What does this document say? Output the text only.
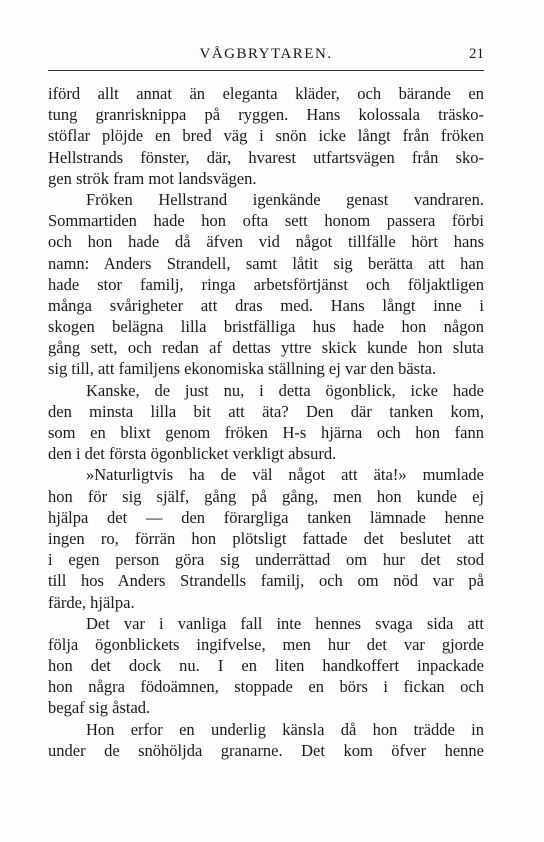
VÅGBRYTAREN.	21
iförd allt annat än eleganta kläder, och bärande en
tung granrisknippa på ryggen. Hans kolossala träsko-
stöflar plöjde en bred väg i snön icke långt från fröken
Hellstrands fönster, där, hvarest utfartsvägen från sko-
gen strök fram mot landsvägen.
Fröken Hellstrand igenkände genast vandraren.
Sommartiden hade hon ofta sett honom passera förbi
och hon hade då äfven vid något tillfälle hört hans
namn: Anders Strandell, samt låtit sig berätta att han
hade stor familj, ringa arbetsförtjänst och följaktligen
många svårigheter att dras med. Hans långt inne i
skogen belägna lilla bristfälliga hus hade hon någon
gång sett, och redan af dettas yttre skick kunde hon sluta
sig till, att familjens ekonomiska ställning ej var den bästa.
Kanske, de just nu, i detta ögonblick, icke hade
den minsta lilla bit att äta? Den där tanken kom,
som en blixt genom fröken H-s hjärna och hon fann
den i det första ögonblicket verkligt absurd.
»Naturligtvis ha de väl något att äta!» mumlade
hon för sig själf, gång på gång, men hon kunde ej
hjälpa det — den förargliga tanken lämnade henne
ingen ro, förrän hon plötsligt fattade det beslutet att
i egen person göra sig underrättad om hur det stod
till hos Anders Strandells familj, och om nöd var på
färde, hjälpa.
Det var i vanliga fall inte hennes svaga sida att
följa ögonblickets ingifvelse, men hur det var gjorde
hon det dock nu. I en liten handkoffert inpackade
hon några födoämnen, stoppade en börs i fickan och
begaf sig åstad.
Hon erfor en underlig känsla då hon trädde in
under de snöhöljda granarne. Det kom öfver henne
